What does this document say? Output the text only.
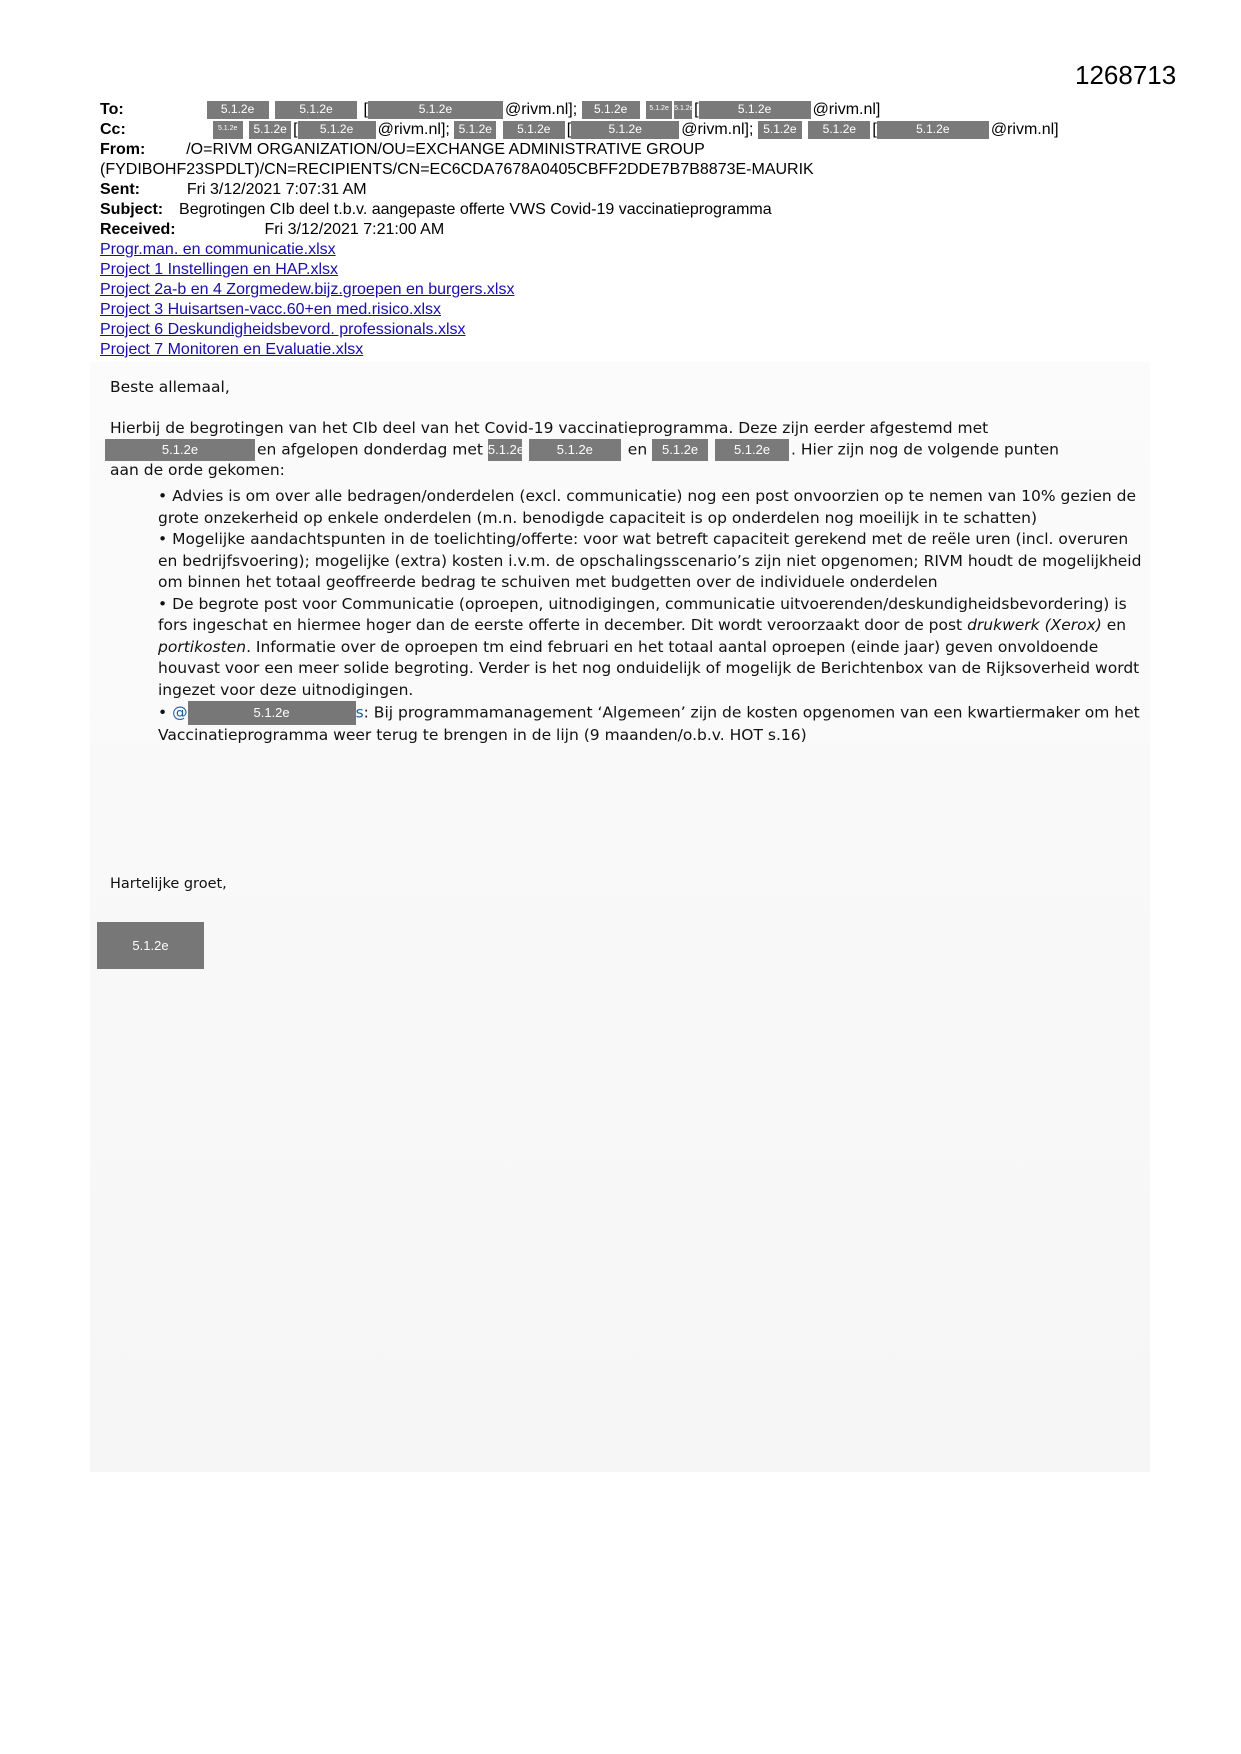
1268713
To:	5.1.2e	5.1.2e [	5.1.2e	@rivm.nl]; 5.1.2e	5.1.2e 5.1.2e[	5.1.2e	@rivm.nl]
Cc:	5.1.2e 5.1.2e [ 5.1.2e @rivm.nl]; 5.1.2e 5.1.2e [	5.1.2e @rivm.nl]; 5.1.2e 5.1.2e [	5.1.2e	@rivm.nl]
From:	/O=RIVM ORGANIZATION/OU=EXCHANGE ADMINISTRATIVE GROUP
(FYDIBOHF23SPDLT)/CN=RECIPIENTS/CN=EC6CDA7678A0405CBFF2DDE7B7B8873E-MAURIK
Sent:	Fri 3/12/2021 7:07:31 AM
Subject: Begrotingen CIb deel t.b.v. aangepaste offerte VWS Covid-19 vaccinatieprogramma
Received:	Fri 3/12/2021 7:21:00 AM
Progr.man. en communicatie.xlsx
Project 1 Instellingen en HAP.xlsx
Project 2a-b en 4 Zorgmedew.bijz.groepen en burgers.xlsx
Project 3 Huisartsen-vacc.60+en med.risico.xlsx
Project 6 Deskundigheidsbevord. professionals.xlsx
Project 7 Monitoren en Evaluatie.xlsx
Beste allemaal,
Hierbij de begrotingen van het CIb deel van het Covid-19 vaccinatieprogramma. Deze zijn eerder afgestemd met
5.1.2e	en afgelopen donderdag met 5.1.2e	5.1.2e en 5.1.2e	5.1.2e . Hier zijn nog de volgende punten
aan de orde gekomen:

• Advies is om over alle bedragen/onderdelen (excl. communicatie) nog een post onvoorzien op te nemen van 10% gezien de grote onzekerheid op enkele onderdelen (m.n. benodigde capaciteit is op onderdelen nog moeilijk in te schatten)

• Mogelijke aandachtspunten in de toelichting/offerte: voor wat betreft capaciteit gerekend met de reële uren (incl. overuren en bedrijfsvoering); mogelijke (extra) kosten i.v.m. de opschalingsscenario’s zijn niet opgenomen; RIVM houdt de mogelijkheid om binnen het totaal geoffreerde bedrag te schuiven met budgetten over de individuele onderdelen

• De begrote post voor Communicatie (oproepen, uitnodigingen, communicatie uitvoerenden/deskundigheidsbevordering) is fors ingeschat en hiermee hoger dan de eerste offerte in december. Dit wordt veroorzaakt door de post drukwerk (Xerox) en portikosten. Informatie over de oproepen tm eind februari en het totaal aantal oproepen (einde jaar) geven onvoldoende houvast voor een meer solide begroting. Verder is het nog onduidelijk of mogelijk de Berichtenbox van de Rijksoverheid wordt ingezet voor deze uitnodigingen.

• @	5.1.2e	s: Bij programmamanagement ‘Algemeen’ zijn de kosten opgenomen van een kwartiermaker om het Vaccinatieprogramma weer terug te brengen in de lijn (9 maanden/o.b.v. HOT s.16)

Hartelijke groet,
5.1.2e
